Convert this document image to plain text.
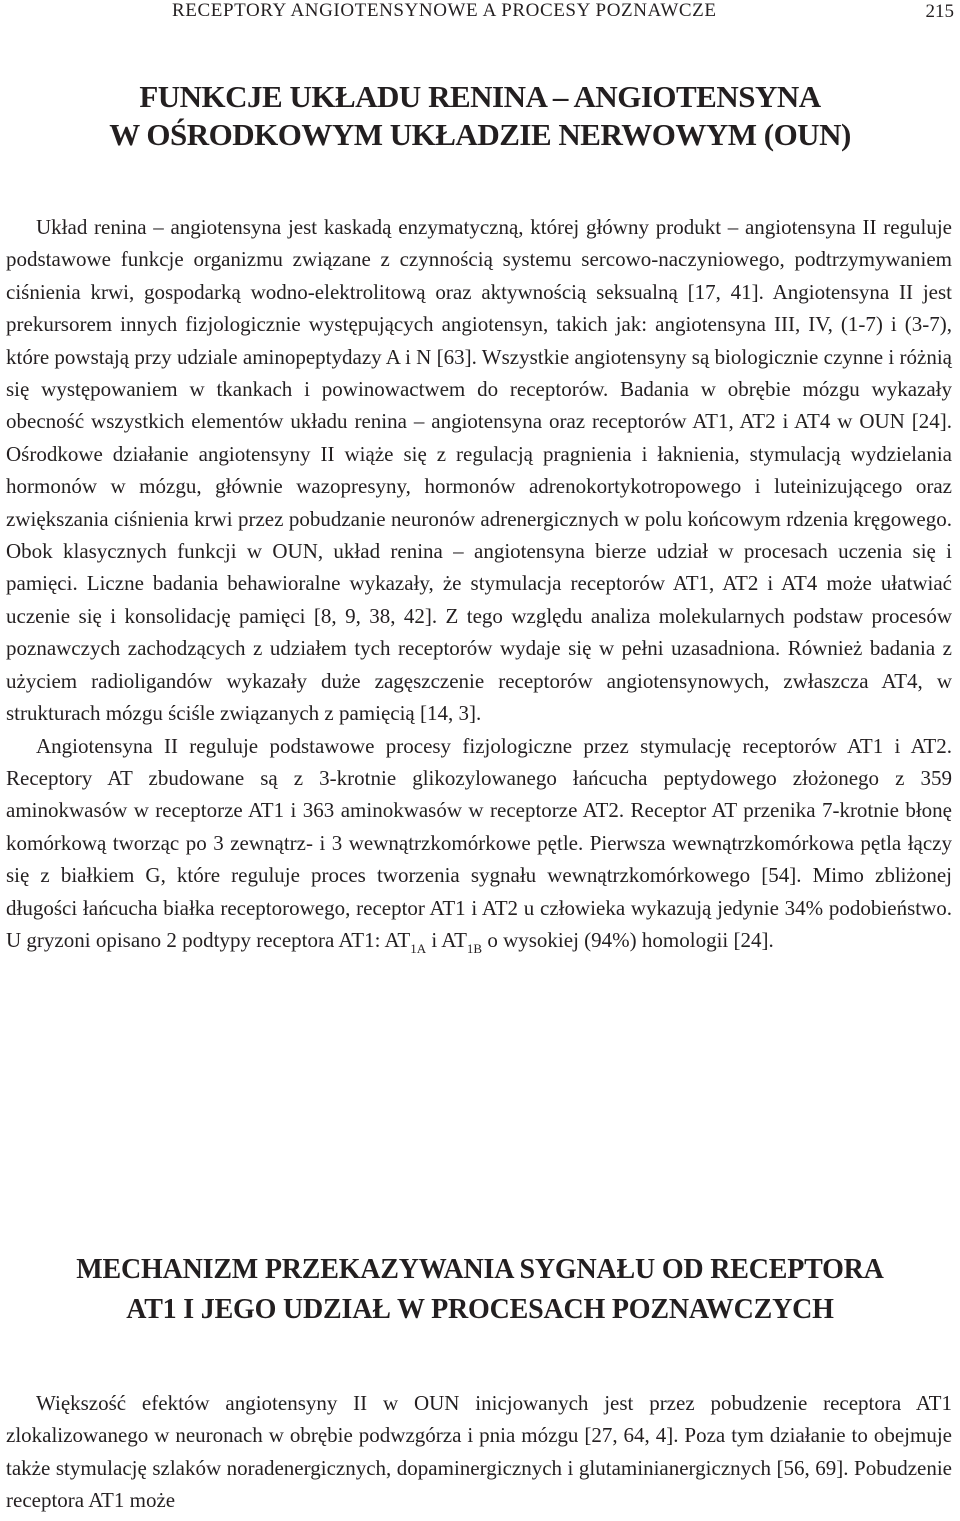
RECEPTORY ANGIOTENSYNOWE A PROCESY POZNAWCZE	215
FUNKCJE UKŁADU RENINA – ANGIOTENSYNA
W OŚRODKOWYM UKŁADZIE NERWOWYM (OUN)

Układ renina – angiotensyna jest kaskadą enzymatyczną, której główny produkt – angiotensyna II reguluje podstawowe funkcje organizmu związane z czynnością systemu sercowo-naczyniowego, podtrzymywaniem ciśnienia krwi, gospodarką wodno-elektrolitową oraz aktywnością seksualną [17, 41]. Angiotensyna II jest prekursorem innych fizjologicznie występujących angiotensyn, takich jak: angiotensyna III, IV, (1-7) i (3-7), które powstają przy udziale aminopeptydazy A i N [63]. Wszystkie angiotensyny są biologicznie czynne i różnią się występowaniem w tkankach i powinowactwem do receptorów. Badania w obrębie mózgu wykazały obecność wszystkich elementów układu renina – angiotensyna oraz receptorów AT1, AT2 i AT4 w OUN [24]. Ośrodkowe działanie angiotensyny II wiąże się z regulacją pragnienia i łaknienia, stymulacją wydzielania hormonów w mózgu, głównie wazopresyny, hormonów adrenokortykotropowego i luteinizującego oraz zwiększania ciśnienia krwi przez pobudzanie neuronów adrenergicznych w polu końcowym rdzenia kręgowego. Obok klasycznych funkcji w OUN, układ renina – angiotensyna bierze udział w procesach uczenia się i pamięci. Liczne badania behawioralne wykazały, że stymulacja receptorów AT1, AT2 i AT4 może ułatwiać uczenie się i konsolidację pamięci [8, 9, 38, 42]. Z tego względu analiza molekularnych podstaw procesów poznawczych zachodzących z udziałem tych receptorów wydaje się w pełni uzasadniona. Również badania z użyciem radioligandów wykazały duże zagęszczenie receptorów angiotensynowych, zwłaszcza AT4, w strukturach mózgu ściśle związanych z pamięcią [14, 3].

Angiotensyna II reguluje podstawowe procesy fizjologiczne przez stymulację receptorów AT1 i AT2. Receptory AT zbudowane są z 3-krotnie glikozylowanego łańcucha peptydowego złożonego z 359 aminokwasów w receptorze AT1 i 363 aminokwasów w receptorze AT2. Receptor AT przenika 7-krotnie błonę komórkową tworząc po 3 zewnątrz- i 3 wewnątrzkomórkowe pętle. Pierwsza wewnątrzkomórkowa pętla łączy się z białkiem G, które reguluje proces tworzenia sygnału wewnątrzkomórkowego [54]. Mimo zbliżonej długości łańcucha białka receptorowego, receptor AT1 i AT2 u człowieka wykazują jedynie 34% podobieństwo. U gryzoni opisano 2 podtypy receptora AT1: $AT_{1A}$ i $AT_{1B}$ o wysokiej (94%) homologii [24].

MECHANIZM PRZEKAZYWANIA SYGNAŁU OD RECEPTORA
AT1 I JEGO UDZIAŁ W PROCESACH POZNAWCZYCH

Większość efektów angiotensyny II w OUN inicjowanych jest przez pobudzenie receptora AT1 zlokalizowanego w neuronach w obrębie podwzgórza i pnia mózgu [27, 64, 4]. Poza tym działanie to obejmuje także stymulację szlaków noradenergicznych, dopaminergicznych i glutaminianergicznych [56, 69]. Pobudzenie receptora AT1 może
